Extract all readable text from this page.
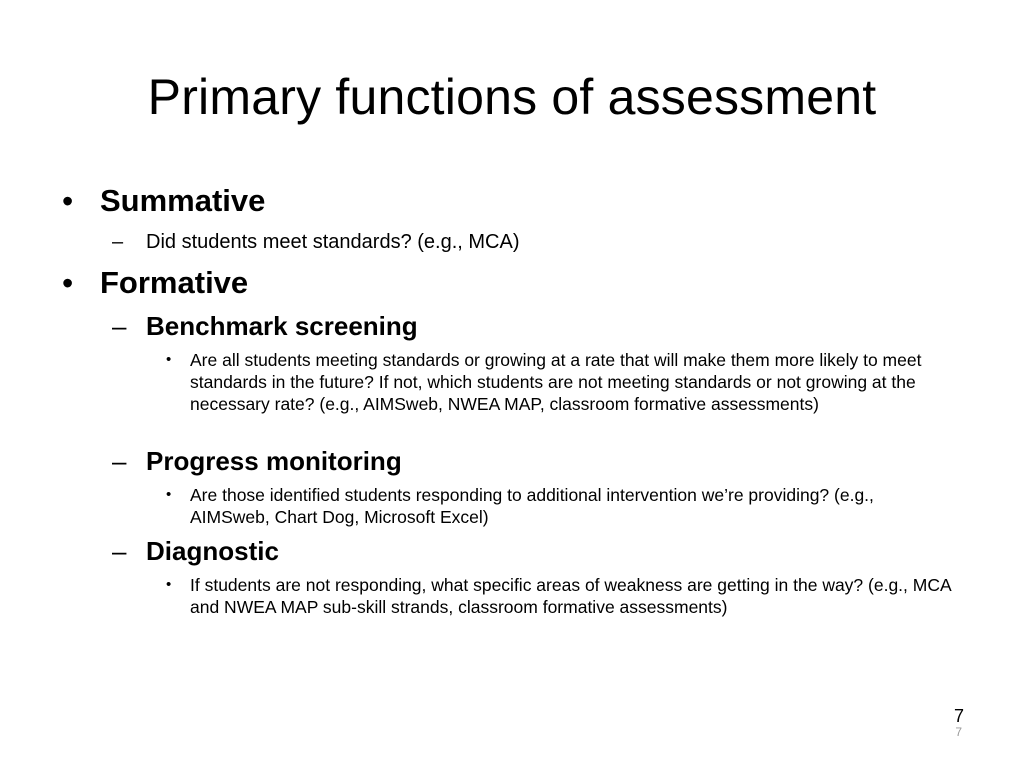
Primary functions of assessment
• Summative
–	Did students meet standards? (e.g., MCA)
• Formative
– Benchmark screening
•	Are all students meeting standards or growing at a rate that will make them more likely to meet standards in the future? If not, which students are not meeting standards or not growing at the necessary rate? (e.g., AIMSweb, NWEA MAP, classroom formative assessments)
– Progress monitoring
•	Are those identified students responding to additional intervention we’re providing? (e.g., AIMSweb, Chart Dog, Microsoft Excel)
– Diagnostic
•	If students are not responding, what specific areas of weakness are getting in the way? (e.g., MCA and NWEA MAP sub-skill strands, classroom formative assessments)
7
7
